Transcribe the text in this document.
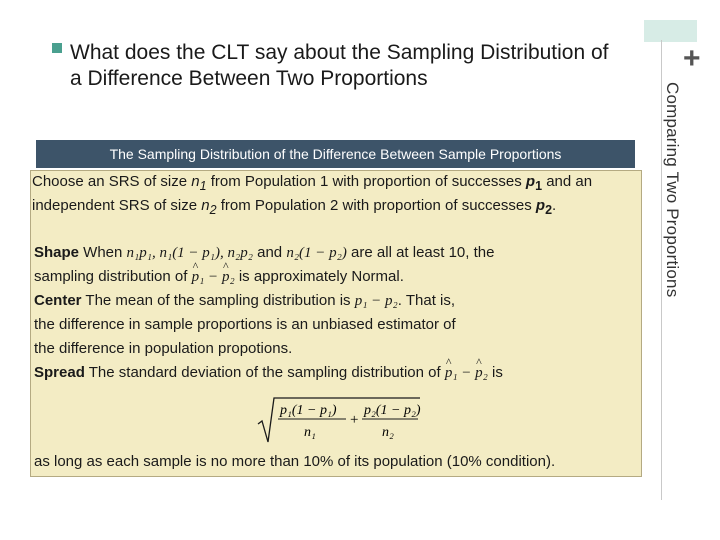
+
Comparing Two Proportions
What does the CLT say about the Sampling Distribution of a Difference Between Two Proportions
The Sampling Distribution of the Difference Between Sample Proportions
Choose an SRS of size $n_1$ from Population 1 with proportion of successes $p_1$ and an independent SRS of size $n_2$ from Population 2 with proportion of successes $p_2$.
Shape When n₁p₁, n₁(1 − p₁), n₂p₂ and n₂(1 − p₂) are all at least 10, the
sampling distribution of ^ p₁ − ^ p₂ is approximately Normal.
Center The mean of the sampling distribution is p₁ − p₂. That is,
the difference in sample proportions is an unbiased estimator of
the difference in population propotions.
Spread The standard deviation of the sampling distribution of ^ p₁ − ^ p₂ is
p₁(1 − p₁)
n₁
+
p₂(1 − p₂)
n₂
as long as each sample is no more than 10% of its population (10% condition).
